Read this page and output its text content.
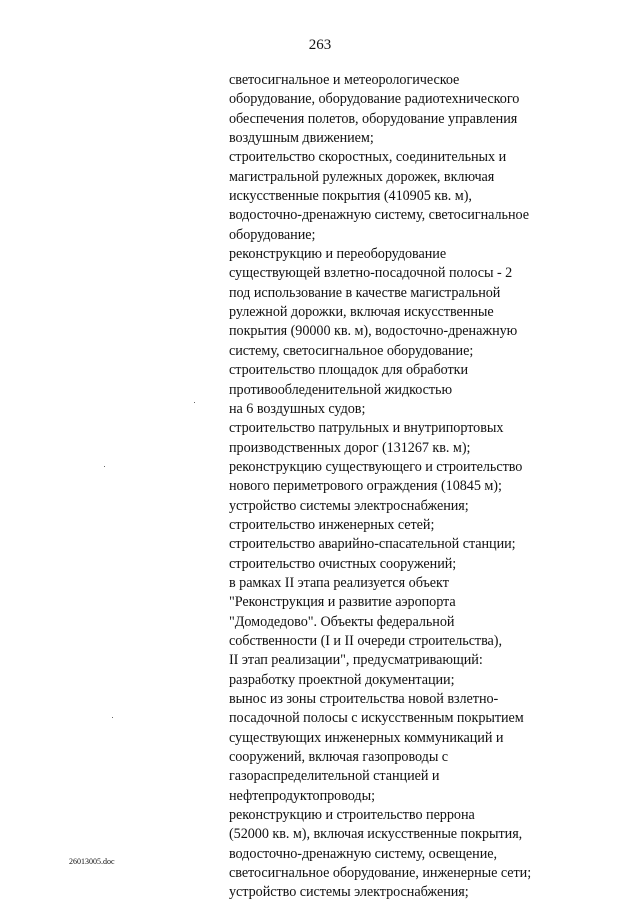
263
светосигнальное и метеорологическое
оборудование, оборудование радиотехнического
обеспечения полетов, оборудование управления
воздушным движением;
строительство скоростных, соединительных и
магистральной рулежных дорожек, включая
искусственные покрытия (410905 кв. м),
водосточно-дренажную систему, светосигнальное
оборудование;
реконструкцию и переоборудование
существующей взлетно-посадочной полосы - 2
под использование в качестве магистральной
рулежной дорожки, включая искусственные
покрытия (90000 кв. м), водосточно-дренажную
систему, светосигнальное оборудование;
строительство площадок для обработки
противообледенительной жидкостью
на 6 воздушных судов;
строительство патрульных и внутрипортовых
производственных дорог (131267 кв. м);
реконструкцию существующего и строительство
нового периметрового ограждения (10845 м);
устройство системы электроснабжения;
строительство инженерных сетей;
строительство аварийно-спасательной станции;
строительство очистных сооружений;
в рамках II этапа реализуется объект
"Реконструкция и развитие аэропорта
"Домодедово". Объекты федеральной
собственности (I и II очереди строительства),
II этап реализации", предусматривающий:
разработку проектной документации;
вынос из зоны строительства новой взлетно-
посадочной полосы с искусственным покрытием
существующих инженерных коммуникаций и
сооружений, включая газопроводы с
газораспределительной станцией и
нефтепродуктопроводы;
реконструкцию и строительство перрона
(52000 кв. м), включая искусственные покрытия,
водосточно-дренажную систему, освещение,
светосигнальное оборудование, инженерные сети;
устройство системы электроснабжения;
26013005.doc
